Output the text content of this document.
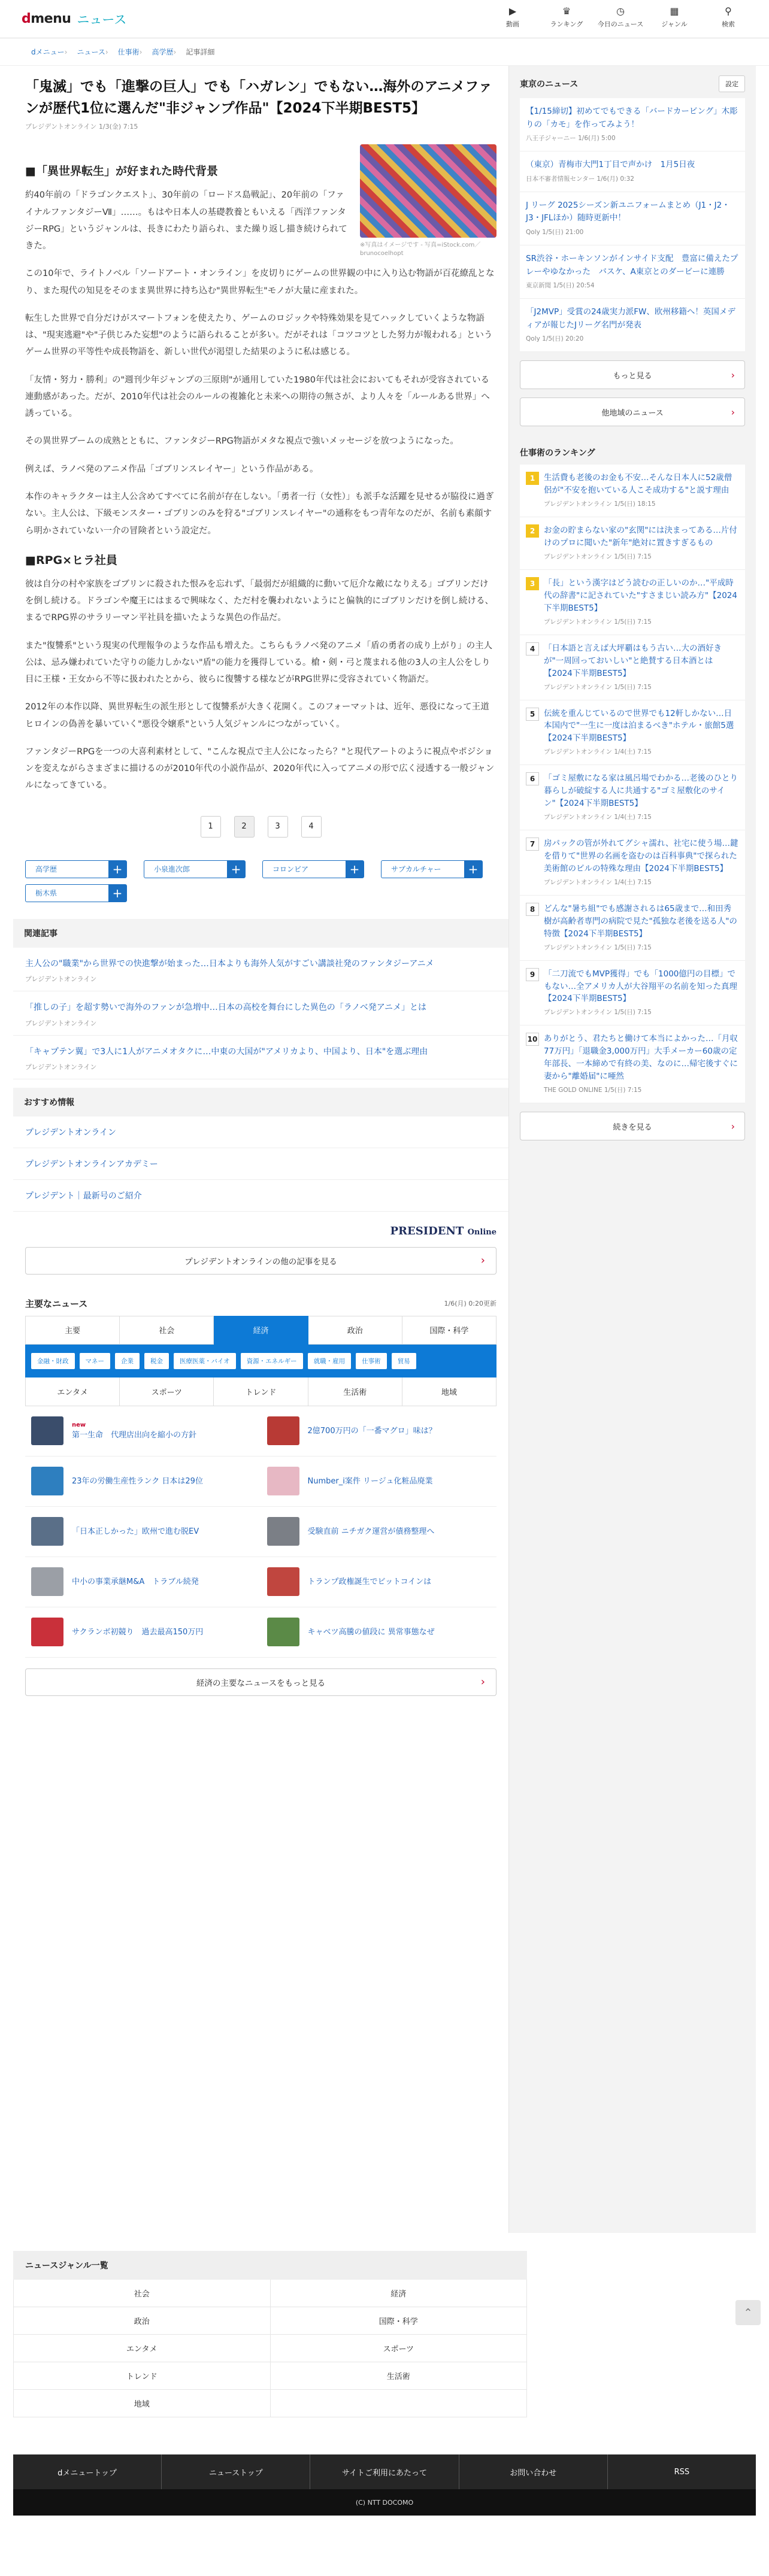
dmenu ニュース
▶
動画
♛
ランキング
◷
今日のニュース
▦
ジャンル
⚲
検索
dメニュー › ニュース › 仕事術 › 高学歴 › 記事詳細
「鬼滅」でも「進撃の巨人」でも「ハガレン」でもない…海外のアニメファンが歴代1位に選んだ"非ジャンプ作品"【2024下半期BEST5】
プレジデントオンライン 1/3(金) 7:15
※写真はイメージです - 写真=iStock.com／brunocoelhopt
■「異世界転生」が好まれた時代背景

約40年前の「ドラゴンクエスト」、30年前の「ロードス島戦記」、20年前の「ファイナルファンタジーⅦ」……。もはや日本人の基礎教養ともいえる「西洋ファンタジーRPG」というジャンルは、長きにわたり語られ、また繰り返し描き続けられてきた。

この10年で、ライトノベル「ソードアート・オンライン」を皮切りにゲームの世界観の中に入り込む物語が百花繚乱となり、また現代の知見をそのまま異世界に持ち込む"異世界転生"モノが大量に産まれた。

転生した世界で自分だけがスマートフォンを使えたり、ゲームのロジックや特殊効果を見てハックしていくような物語は、"現実逃避"や"子供じみた妄想"のように語られることが多い。だがそれは「コツコツとした努力が報われる」というゲーム世界の平等性や成長物語を、新しい世代が渇望した結果のように私は感じる。

「友情・努力・勝利」の"週刊少年ジャンプの三原則"が通用していた1980年代は社会においてもそれが受容されている連動感があった。だが、2010年代は社会のルールの複雑化と未来への期待の無さが、より人々を「ルールある世界」へ誘っている。

その異世界ブームの成熟とともに、ファンタジーRPG物語がメタな視点で強いメッセージを放つようになった。

例えば、ラノベ発のアニメ作品「ゴブリンスレイヤー」という作品がある。

本作のキャラクターは主人公含めてすべてに名前が存在しない。「勇者一行（女性）」も派手な活躍を見せるが脇役に過ぎない。主人公は、下級モンスター・ゴブリンのみを狩る"ゴブリンスレイヤー"の通称をもつ青年なのだが、名前も素顔すら明かされていない一介の冒険者という設定だ。

■RPG×ヒラ社員

彼は自分の村や家族をゴブリンに殺された恨みを忘れず、「最弱だが組織的に動いて厄介な敵になりえる」ゴブリンだけを倒し続ける。ドラゴンや魔王にはまるで興味なく、ただ村を襲われないようにと偏執的にゴブリンだけを倒し続ける、まるでRPG界のサラリーマン平社員を描いたような異色の作品だ。

また"復讐系"という現実の代理報争のような作品も増えた。こちらもラノベ発のアニメ「盾の勇者の成り上がり」の主人公は、忌み嫌われていた守りの能力しかない"盾"の能力を獲得している。槍・剣・弓と蔑まれる他の3人の主人公をしり目に王様・王女から不等に扱われたとから、彼らに復讐する様などがRPG世界に受容されていく物語だ。

2012年の本作以降、異世界転生の派生形として復讐系が大きく花開く。このフォーマットは、近年、悪役になって王道ヒロインの偽善を暴いていく"悪役令嬢系"という人気ジャンルにつながっていく。

ファンタジーRPGを一つの大喜利素材として、"こんな視点で主人公になったら？"と現代アートのように視点やポジションを変えながらさまざまに描けるのが2010年代の小説作品が、2020年代に入ってアニメの形で広く浸透する一般ジャンルになってきている。

1	2	3	4
高学歴	+	小泉進次郎	+	コロンビア	+	サブカルチャー	+
栃木県	+
関連記事
主人公の"職業"から世界での快進撃が始まった…日本よりも海外人気がすごい講談社発のファンタジーアニメ
プレジデントオンライン
「推しの子」を超す勢いで海外のファンが急増中…日本の高校を舞台にした異色の「ラノベ発アニメ」とは
プレジデントオンライン
「キャプテン翼」で3人に1人がアニメオタクに…中東の大国が"アメリカより、中国より、日本"を選ぶ理由
プレジデントオンライン
おすすめ情報
プレジデントオンライン
プレジデントオンラインアカデミー
プレジデント｜最新号のご紹介
PRESIDENT Online
プレジデントオンラインの他の記事を見る	›
主要なニュース	1/6(月) 0:20更新
主要	社会	経済	政治	国際・科学
金融・財政	マネー	企業	税金	医療医薬・バイオ	資源・エネルギー	就職・雇用	仕事術	貿易
エンタメ	スポーツ	トレンド	生活術	地域
new
第一生命　代理店出向を縮小の方針	2億700万円の「一番マグロ」味は？
23年の労働生産性ランク 日本は29位	Number_i案件 リージュ化粧品廃業
「日本正しかった」欧州で進む脱EV	受験直前 ニチガク運営が債務整理へ
中小の事業承継M&A　トラブル続発	トランプ政権誕生でビットコインは
サクランボ初競り　過去最高150万円	キャベツ高騰の値段に 異常事態なぜ
経済の主要なニュースをもっと見る	›
東京のニュース	設定
【1/15締切】初めてでもできる「バードカービング」木彫りの「カモ」を作ってみよう！
八王子ジャーニー 1/6(月) 5:00
（東京）青梅市大門1丁目で声かけ　1月5日夜
日本不審者情報センター 1/6(月) 0:32
J リーグ 2025シーズン新ユニフォームまとめ（J1・J2・J3・JFLほか）随時更新中！
Qoly 1/5(日) 21:00
SR渋谷・ホーキンソンがインサイド支配　豊富に備えたプレーやゆなかった　バスケ、A東京とのダービーに連勝
東京新聞 1/5(日) 20:54
「J2MVP」受賞の24歳実力派FW、欧州移籍へ！英国メディアが報じたJリーグ名門が発表
Qoly 1/5(日) 20:20
もっと見る	›
他地域のニュース	›
仕事術のランキング
1	生活費も老後のお金も不安…そんな日本人に52歳僧侶が"不安を抱いている人こそ成功する"と説す理由
プレジデントオンライン 1/5(日) 18:15
2	お金の貯まらない家の"玄関"には決まってある…片付けのプロに聞いた"新年"絶対に置きすぎるもの
プレジデントオンライン 1/5(日) 7:15
3	「長」という漢字はどう読むの正しいのか…"平成時代の辞書"に記されていた"すさまじい読み方"【2024下半期BEST5】
プレジデントオンライン 1/5(日) 7:15
4	「日本語と言えば大坪覇はもう古い…大の酒好きが"一周回っておいしい"と絶賛する日本酒とは【2024下半期BEST5】
プレジデントオンライン 1/5(日) 7:15
5	伝統を重んじているので世界でも12軒しかない…日本国内で"一生に一度は泊まるべき"ホテル・旅館5選【2024下半期BEST5】
プレジデントオンライン 1/4(土) 7:15
6	「ゴミ屋敷になる家は風呂場でわかる…老後のひとり暮らしが破綻する人に共通する"ゴミ屋敷化のサイン"【2024下半期BEST5】
プレジデントオンライン 1/4(土) 7:15
7	房パックの管が外れてグシャ濡れ、社宅に使う場…鍵を借りて"世界の名画を盗むのは百科事典"で探られた美術館のビルの特殊な理由【2024下半期BEST5】
プレジデントオンライン 1/4(土) 7:15
8	どんな"暑ち組"でも感謝されるは65歳まで…和田秀樹が高齢者専門の病院で見た"孤独な老後を送る人"の特徴【2024下半期BEST5】
プレジデントオンライン 1/5(日) 7:15
9	「二刀流でもMVP獲得」でも「1000億円の目標」でもない…全アメリカ人が大谷翔平の名前を知った真理【2024下半期BEST5】
プレジデントオンライン 1/5(日) 7:15
10 ありがとう、君たちと働けて本当によかった…「月収77万円」「退職金3,000万円」大手メーカー60歳の定年部長、一本締めで有終の美、なのに…帰宅後すぐに妻から"離婚届"に唖然
THE GOLD ONLINE 1/5(日) 7:15
続きを見る	›
⌃
ニュースジャンル一覧
社会	経済
政治	国際・科学
エンタメ	スポーツ
トレンド	生活術
地域
dメニュートップ	ニューストップ	サイトご利用にあたって	お問い合わせ	RSS
(C) NTT DOCOMO
